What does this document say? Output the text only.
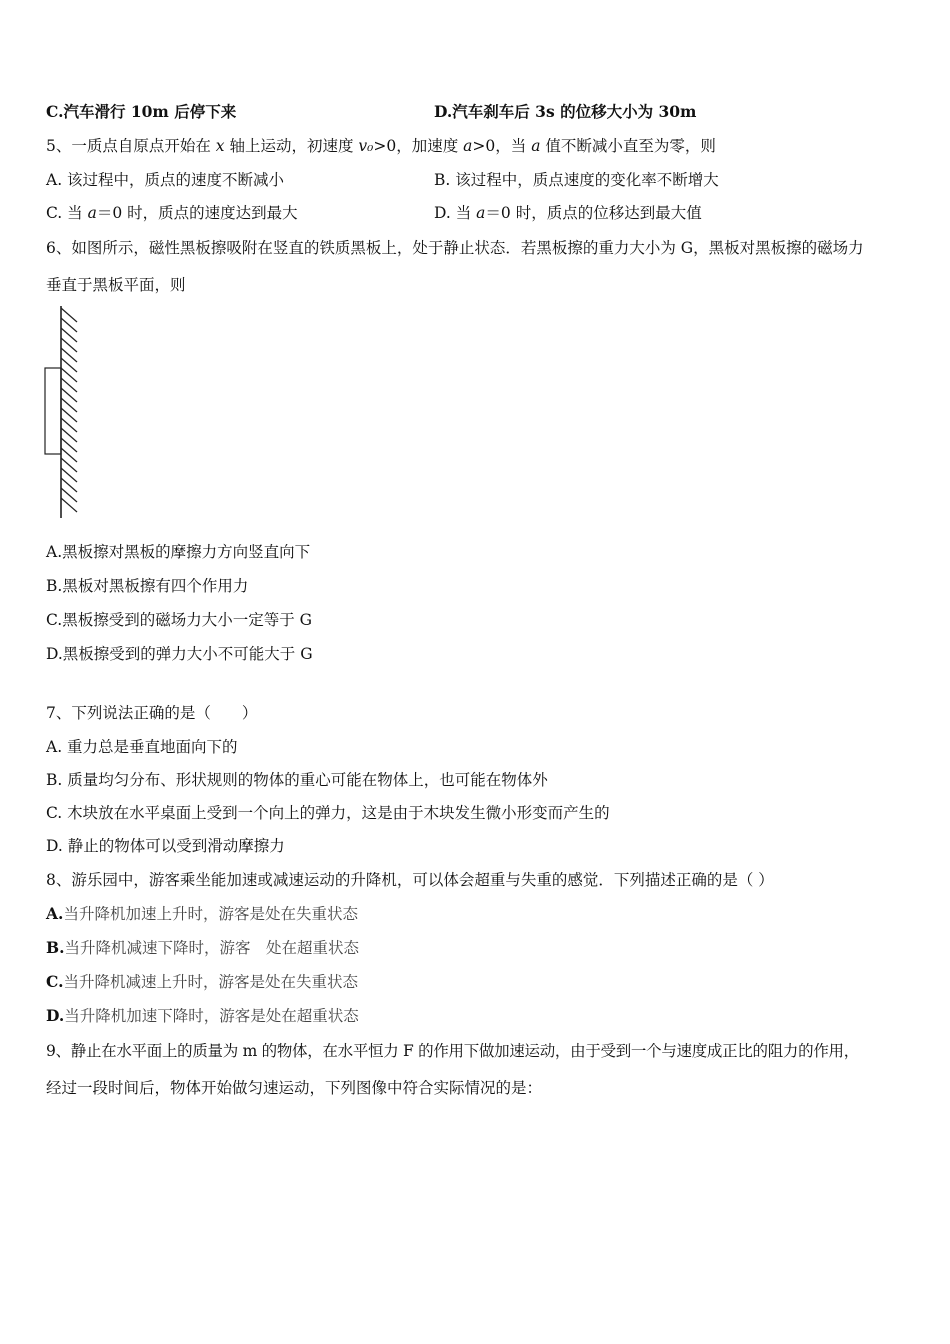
C.汽车滑行 10m 后停下来	D.汽车刹车后 3s 的位移大小为 30m
5、一质点自原点开始在 x 轴上运动，初速度 v₀>0，加速度 a>0，当 a 值不断减小直至为零，则
A. 该过程中，质点的速度不断减小	B. 该过程中，质点速度的变化率不断增大
C. 当 a＝0 时，质点的速度达到最大	D. 当 a＝0 时，质点的位移达到最大值
6、如图所示，磁性黑板擦吸附在竖直的铁质黑板上，处于静止状态．若黑板擦的重力大小为 G，黑板对黑板擦的磁场力
垂直于黑板平面，则
A.黑板擦对黑板的摩擦力方向竖直向下
B.黑板对黑板擦有四个作用力
C.黑板擦受到的磁场力大小一定等于 G
D.黑板擦受到的弹力大小不可能大于 G
7、下列说法正确的是（　　）
A. 重力总是垂直地面向下的
B. 质量均匀分布、形状规则的物体的重心可能在物体上，也可能在物体外
C. 木块放在水平桌面上受到一个向上的弹力，这是由于木块发生微小形变而产生的
D. 静止的物体可以受到滑动摩擦力
8、游乐园中，游客乘坐能加速或减速运动的升降机，可以体会超重与失重的感觉．下列描述正确的是（ ）
A.当升降机加速上升时，游客是处在失重状态
B.当升降机减速下降时，游客　处在超重状态
C.当升降机减速上升时，游客是处在失重状态
D.当升降机加速下降时，游客是处在超重状态
9、静止在水平面上的质量为 m 的物体，在水平恒力 F 的作用下做加速运动，由于受到一个与速度成正比的阻力的作用，
经过一段时间后，物体开始做匀速运动，下列图像中符合实际情况的是：
